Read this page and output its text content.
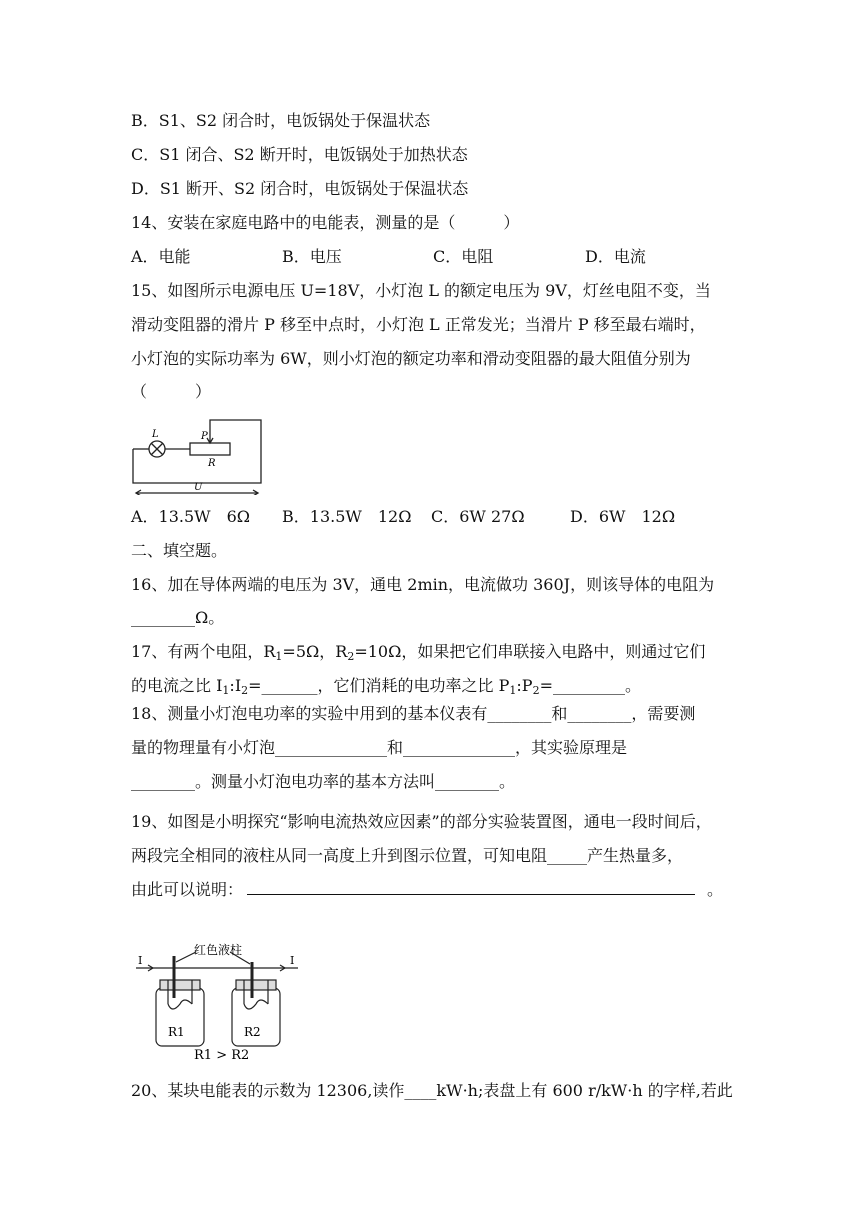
B．S1、S2 闭合时，电饭锅处于保温状态
C．S1 闭合、S2 断开时，电饭锅处于加热状态
D．S1 断开、S2 闭合时，电饭锅处于保温状态
14、安装在家庭电路中的电能表，测量的是（　　　）
A．电能	B．电压	C．电阻	D．电流
15、如图所示电源电压 U=18V，小灯泡 L 的额定电压为 9V，灯丝电阻不变，当
滑动变阻器的滑片 P 移至中点时，小灯泡 L 正常发光；当滑片 P 移至最右端时，
小灯泡的实际功率为 6W，则小灯泡的额定功率和滑动变阻器的最大阻值分别为
（　　　）
L	P
R
U
A．13.5W　6Ω B．13.5W　12Ω C．6W 27Ω	D．6W　12Ω
二、填空题。
16、加在导体两端的电压为 3V，通电 2min，电流做功 360J，则该导体的电阻为
________Ω。
17、有两个电阻，$R_1=5\Omega$，$R_2=10\Omega$，如果把它们串联接入电路中，则通过它们
的电流之比 $I_1:I_2=\_\_\_\_\_\_\_$，它们消耗的电功率之比 $P_1:P_2=\_\_\_\_\_\_\_\_\_$。
18、测量小灯泡电功率的实验中用到的基本仪表有________和________，需要测
量的物理量有小灯泡______________和______________，其实验原理是
________。测量小灯泡电功率的基本方法叫________。
19、如图是小明探究“影响电流热效应因素”的部分实验装置图，通电一段时间后，
两段完全相同的液柱从同一高度上升到图示位置，可知电阻_____产生热量多，
由此可以说明：	。
红色液柱
I	I
R1	R2
R1 > R2
20、某块电能表的示数为 12306,读作____kW·h;表盘上有 600 r/kW·h 的字样,若此
